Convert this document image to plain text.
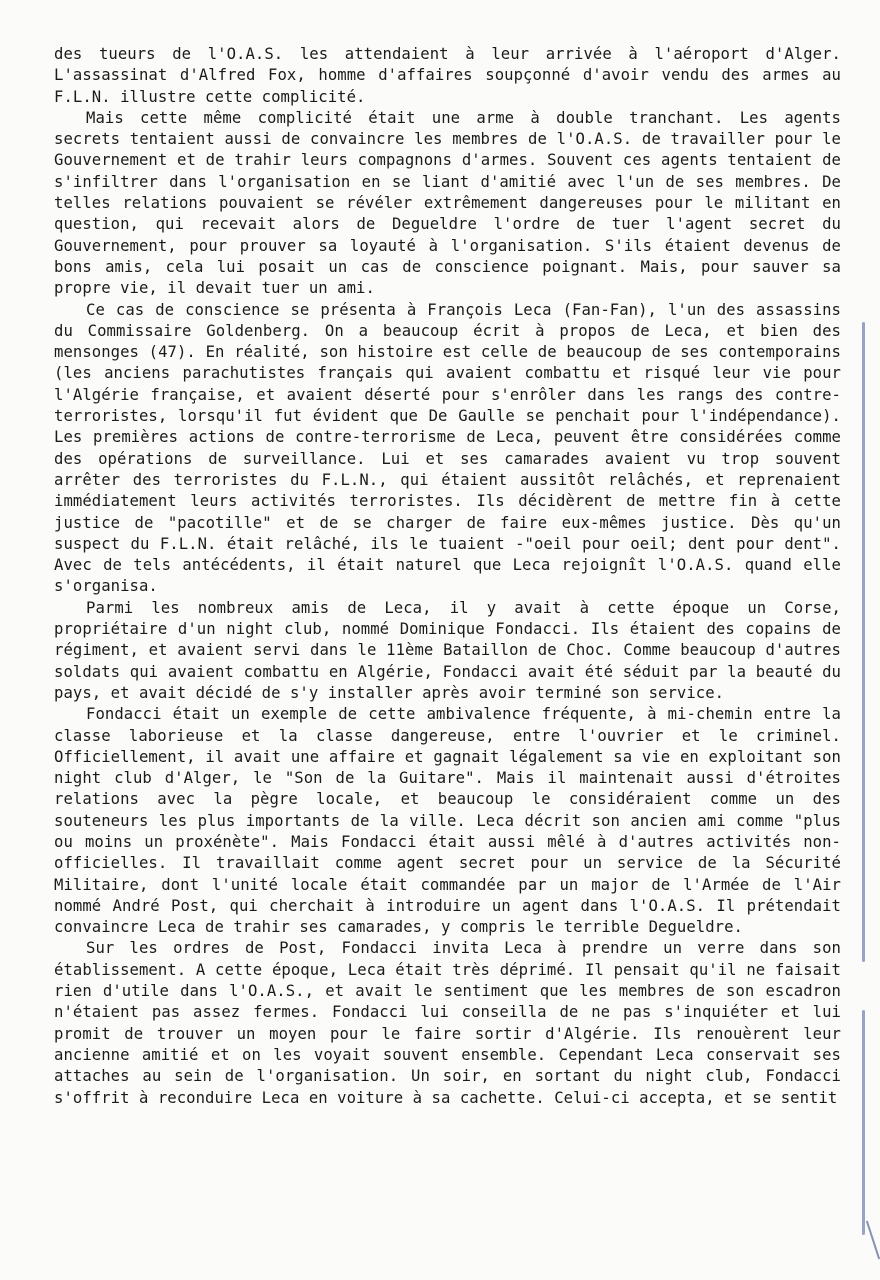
des tueurs de l'O.A.S. les attendaient à leur arrivée à l'aéroport d'Alger. L'assassinat d'Alfred Fox, homme d'affaires soupçonné d'avoir vendu des armes au F.L.N. illustre cette complicité.

Mais cette même complicité était une arme à double tranchant. Les agents secrets tentaient aussi de convaincre les membres de l'O.A.S. de travailler pour le Gouvernement et de trahir leurs compagnons d'armes. Souvent ces agents tentaient de s'infiltrer dans l'organisation en se liant d'amitié avec l'un de ses membres. De telles relations pouvaient se révéler extrêmement dangereuses pour le militant en question, qui recevait alors de Degueldre l'ordre de tuer l'agent secret du Gouvernement, pour prouver sa loyauté à l'organisation. S'ils étaient devenus de bons amis, cela lui posait un cas de conscience poignant. Mais, pour sauver sa propre vie, il devait tuer un ami.

Ce cas de conscience se présenta à François Leca (Fan-Fan), l'un des assassins du Commissaire Goldenberg. On a beaucoup écrit à propos de Leca, et bien des mensonges (47). En réalité, son histoire est celle de beaucoup de ses contemporains (les anciens parachutistes français qui avaient combattu et risqué leur vie pour l'Algérie française, et avaient déserté pour s'enrôler dans les rangs des contre-terroristes, lorsqu'il fut évident que De Gaulle se penchait pour l'indépendance). Les premières actions de contre-terrorisme de Leca, peuvent être considérées comme des opérations de surveillance. Lui et ses camarades avaient vu trop souvent arrêter des terroristes du F.L.N., qui étaient aussitôt relâchés, et reprenaient immédiatement leurs activités terroristes. Ils décidèrent de mettre fin à cette justice de "pacotille" et de se charger de faire eux-mêmes justice. Dès qu'un suspect du F.L.N. était relâché, ils le tuaient -"oeil pour oeil; dent pour dent". Avec de tels antécédents, il était naturel que Leca rejoignît l'O.A.S. quand elle s'organisa.

Parmi les nombreux amis de Leca, il y avait à cette époque un Corse, propriétaire d'un night club, nommé Dominique Fondacci. Ils étaient des copains de régiment, et avaient servi dans le 11ème Bataillon de Choc. Comme beaucoup d'autres soldats qui avaient combattu en Algérie, Fondacci avait été séduit par la beauté du pays, et avait décidé de s'y installer après avoir terminé son service.

Fondacci était un exemple de cette ambivalence fréquente, à mi-chemin entre la classe laborieuse et la classe dangereuse, entre l'ouvrier et le criminel. Officiellement, il avait une affaire et gagnait légalement sa vie en exploitant son night club d'Alger, le "Son de la Guitare". Mais il maintenait aussi d'étroites relations avec la pègre locale, et beaucoup le considéraient comme un des souteneurs les plus importants de la ville. Leca décrit son ancien ami comme "plus ou moins un proxénète". Mais Fondacci était aussi mêlé à d'autres activités non-officielles. Il travaillait comme agent secret pour un service de la Sécurité Militaire, dont l'unité locale était commandée par un major de l'Armée de l'Air nommé André Post, qui cherchait à introduire un agent dans l'O.A.S. Il prétendait convaincre Leca de trahir ses camarades, y compris le terrible Degueldre.

Sur les ordres de Post, Fondacci invita Leca à prendre un verre dans son établissement. A cette époque, Leca était très déprimé. Il pensait qu'il ne faisait rien d'utile dans l'O.A.S., et avait le sentiment que les membres de son escadron n'étaient pas assez fermes. Fondacci lui conseilla de ne pas s'inquiéter et lui promit de trouver un moyen pour le faire sortir d'Algérie. Ils renouèrent leur ancienne amitié et on les voyait souvent ensemble. Cependant Leca conservait ses attaches au sein de l'organisation. Un soir, en sortant du night club, Fondacci s'offrit à reconduire Leca en voiture à sa cachette. Celui-ci accepta, et se sentit
